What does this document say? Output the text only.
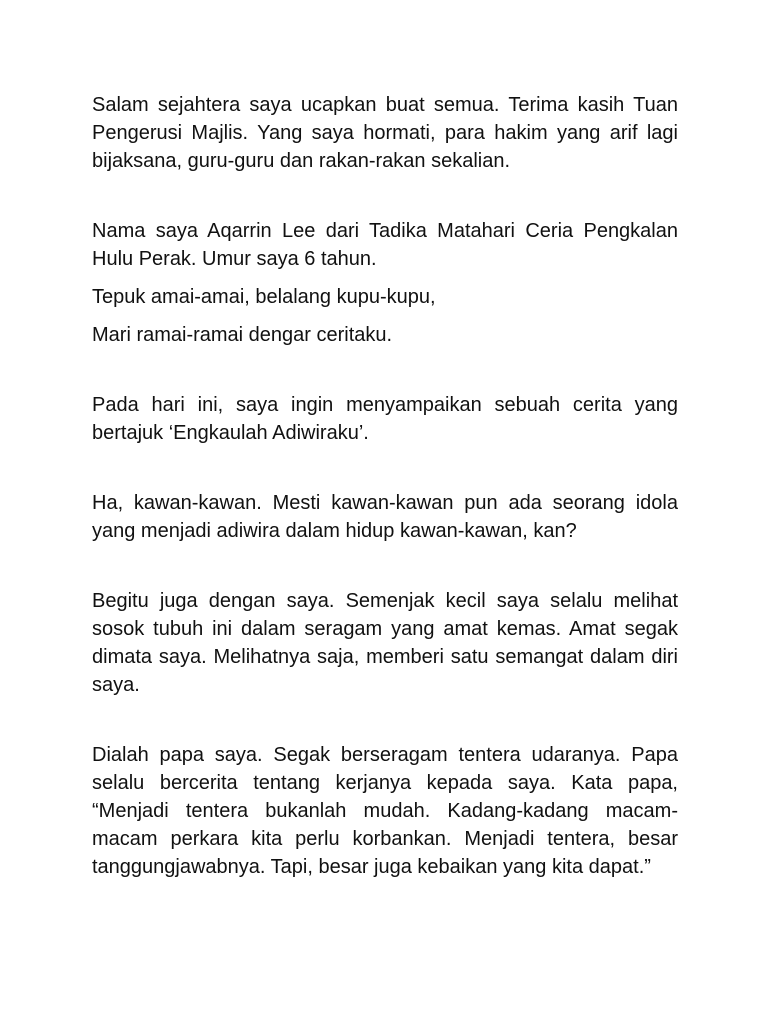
Salam sejahtera saya ucapkan buat semua. Terima kasih Tuan Pengerusi Majlis. Yang saya hormati, para hakim yang arif lagi bijaksana, guru-guru dan rakan-rakan sekalian.

Nama saya Aqarrin Lee dari Tadika Matahari Ceria Pengkalan Hulu Perak. Umur saya 6 tahun.

Tepuk amai-amai, belalang kupu-kupu,

Mari ramai-ramai dengar ceritaku.

Pada hari ini, saya ingin menyampaikan sebuah cerita yang bertajuk ‘Engkaulah Adiwiraku’.

Ha, kawan-kawan. Mesti kawan-kawan pun ada seorang idola yang menjadi adiwira dalam hidup kawan-kawan, kan?

Begitu juga dengan saya. Semenjak kecil saya selalu melihat sosok tubuh ini dalam seragam yang amat kemas. Amat segak dimata saya. Melihatnya saja, memberi satu semangat dalam diri saya.

Dialah papa saya. Segak berseragam tentera udaranya. Papa selalu bercerita tentang kerjanya kepada saya. Kata papa, “Menjadi tentera bukanlah mudah. Kadang-kadang macam-macam perkara kita perlu korbankan. Menjadi tentera, besar tanggungjawabnya. Tapi, besar juga kebaikan yang kita dapat.”
